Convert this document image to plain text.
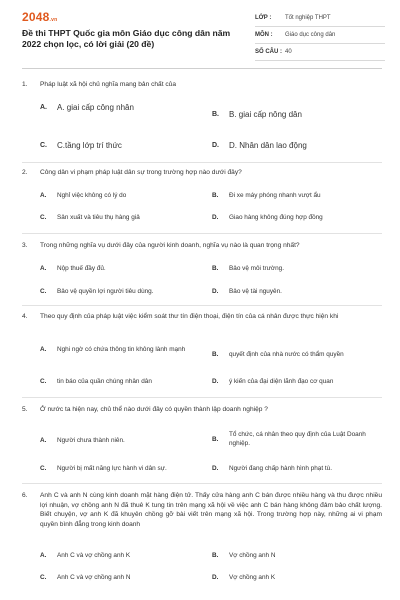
2048.vn
Đề thi THPT Quốc gia môn Giáo dục công dân năm 2022 chọn lọc, có lời giải (20 đề)
LỚP :	Tốt nghiệp THPT
MÔN :	Giáo dục công dân
SỐ CÂU : 40
1.	Pháp luật xã hội chủ nghĩa mang bản chất của
A.	A. giai cấp công nhân
B.	B. giai cấp nông dân
C.	C.tầng lớp trí thức	D.	D. Nhân dân lao động
2.	Công dân vi phạm pháp luật dân sự trong trường hợp nào dưới đây?
A.	Nghỉ việc không có lý do	B.	Đi xe máy phóng nhanh vượt ẩu
C.	Sản xuất và tiêu thụ hàng giả	D.	Giao hàng không đúng hợp đồng
3.	Trong những nghĩa vụ dưới đây của người kinh doanh, nghĩa vụ nào là quan trọng nhất?
A.	Nộp thuế đầy đủ.	B.	Bảo vệ môi trường.
C.	Bảo vệ quyền lợi người tiêu dùng.	D.	Bảo vệ tài nguyên.
4.	Theo quy định của pháp luật việc kiểm soát thư tín điện thoại, điện tín của cá nhân được thực hiện khi
A.	Nghi ngờ có chứa thông tin không lành mạnh
B.	quyết định của nhà nước có thẩm quyền
C.	tin báo của quần chúng nhân dân	D.	ý kiến của đại diện lãnh đạo cơ quan
5.	Ở nước ta hiện nay, chủ thể nào dưới đây có quyền thành lập doanh nghiệp ?
A.	Người chưa thành niên.	B.
Tổ chức, cá nhân theo quy định của Luật Doanh nghiệp.
C.	Người bị mất năng lực hành vi dân sự.	D.	Người đang chấp hành hình phạt tù.
6.	Anh C và anh N cùng kinh doanh mặt hàng điện tử. Thấy cửa hàng anh C bán được nhiều hàng và thu được nhiều lợi nhuận, vợ chồng anh N đã thuê K tung tin trên mạng xã hội về việc anh C bán hàng không đảm bảo chất lượng. Biết chuyện, vợ anh K đã khuyên chồng gỡ bài viết trên mạng xã hội. Trong trường hợp này, những ai vi phạm quyền bình đẳng trong kinh doanh
A.	Anh C và vợ chồng anh K	B.	Vợ chồng anh N
C.	Anh C và vợ chồng anh N	D.	Vợ chồng anh K
